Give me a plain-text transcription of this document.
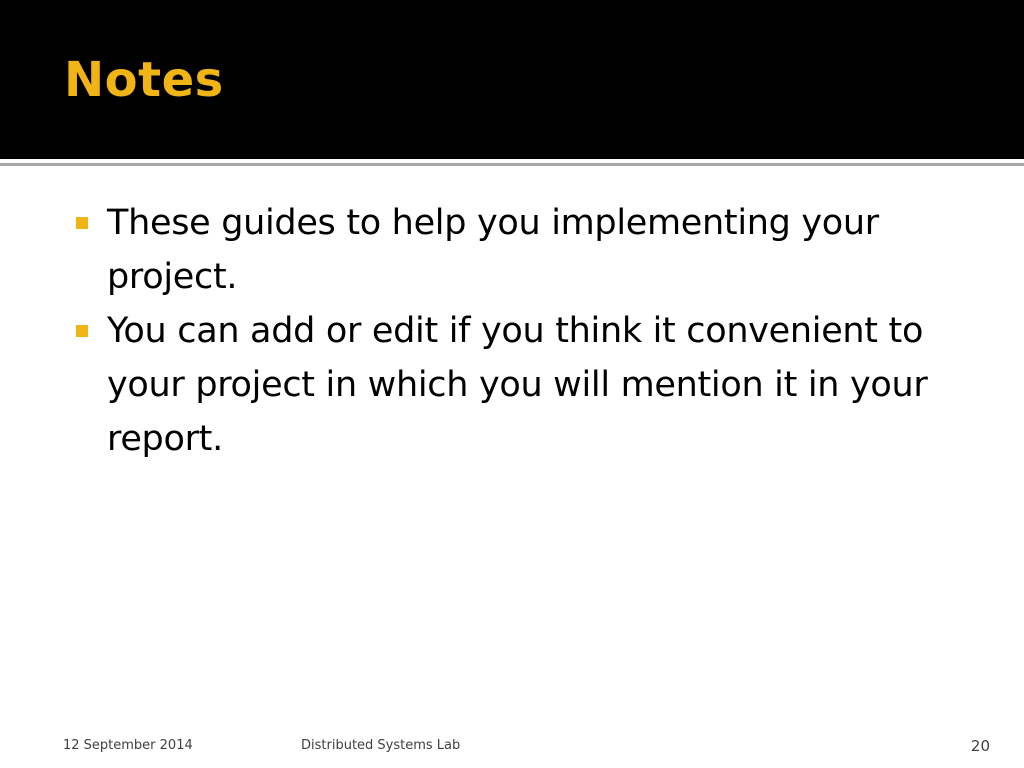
Notes
These guides to help you implementing your project.
You can add or edit if you think it convenient to your project in which you will mention it in your report.
12 September 2014	Distributed Systems Lab	20
